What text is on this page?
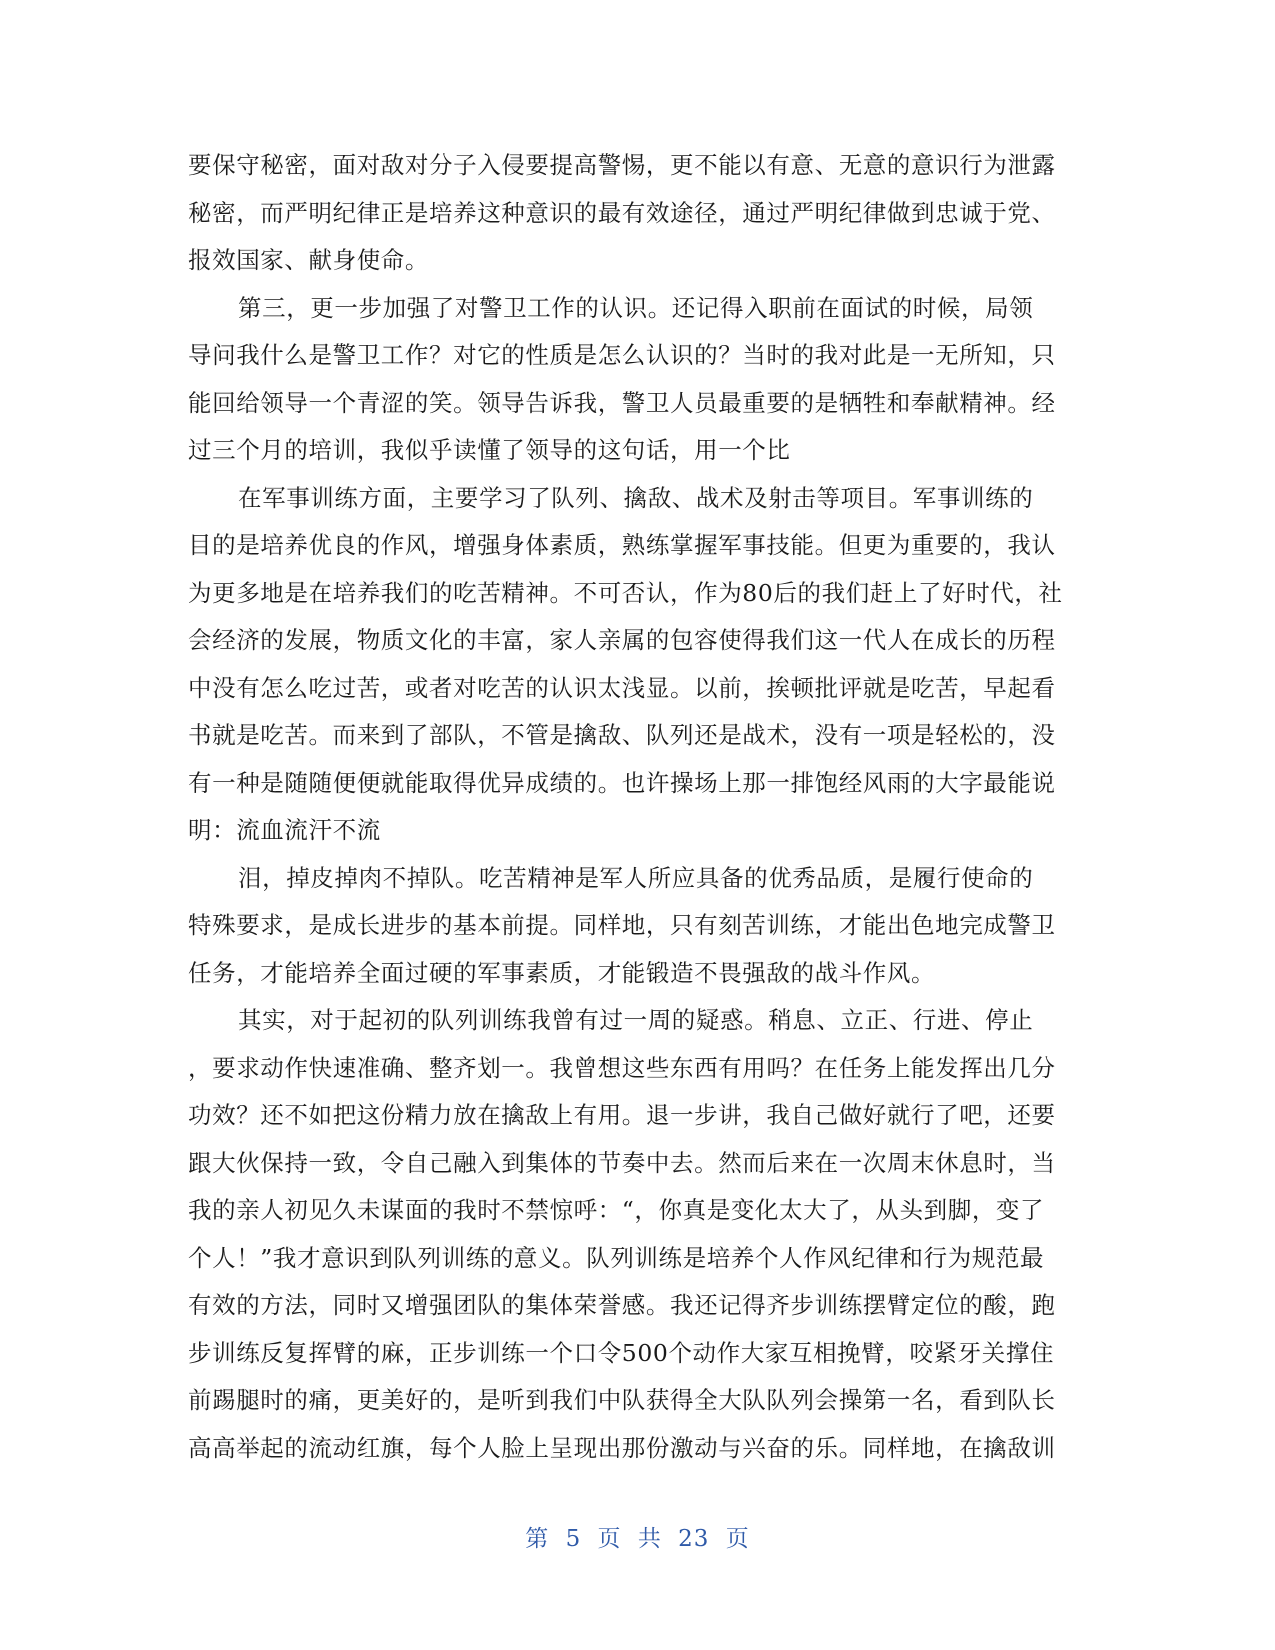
要保守秘密，面对敌对分子入侵要提高警惕，更不能以有意、无意的意识行为泄露
秘密，而严明纪律正是培养这种意识的最有效途径，通过严明纪律做到忠诚于党、
报效国家、献身使命。
第三，更一步加强了对警卫工作的认识。还记得入职前在面试的时候，局领
导问我什么是警卫工作？对它的性质是怎么认识的？当时的我对此是一无所知，只
能回给领导一个青涩的笑。领导告诉我，警卫人员最重要的是牺牲和奉献精神。经
过三个月的培训，我似乎读懂了领导的这句话，用一个比
在军事训练方面，主要学习了队列、擒敌、战术及射击等项目。军事训练的
目的是培养优良的作风，增强身体素质，熟练掌握军事技能。但更为重要的，我认
为更多地是在培养我们的吃苦精神。不可否认，作为80后的我们赶上了好时代，社
会经济的发展，物质文化的丰富，家人亲属的包容使得我们这一代人在成长的历程
中没有怎么吃过苦，或者对吃苦的认识太浅显。以前，挨顿批评就是吃苦，早起看
书就是吃苦。而来到了部队，不管是擒敌、队列还是战术，没有一项是轻松的，没
有一种是随随便便就能取得优异成绩的。也许操场上那一排饱经风雨的大字最能说
明：流血流汗不流
泪，掉皮掉肉不掉队。吃苦精神是军人所应具备的优秀品质，是履行使命的
特殊要求，是成长进步的基本前提。同样地，只有刻苦训练，才能出色地完成警卫
任务，才能培养全面过硬的军事素质，才能锻造不畏强敌的战斗作风。
其实，对于起初的队列训练我曾有过一周的疑惑。稍息、立正、行进、停止
，要求动作快速准确、整齐划一。我曾想这些东西有用吗？在任务上能发挥出几分
功效？还不如把这份精力放在擒敌上有用。退一步讲，我自己做好就行了吧，还要
跟大伙保持一致，令自己融入到集体的节奏中去。然而后来在一次周末休息时，当
我的亲人初见久未谋面的我时不禁惊呼：“，你真是变化太大了，从头到脚，变了
个人！”我才意识到队列训练的意义。队列训练是培养个人作风纪律和行为规范最
有效的方法，同时又增强团队的集体荣誉感。我还记得齐步训练摆臂定位的酸，跑
步训练反复挥臂的麻，正步训练一个口令500个动作大家互相挽臂，咬紧牙关撑住
前踢腿时的痛，更美好的，是听到我们中队获得全大队队列会操第一名，看到队长
高高举起的流动红旗，每个人脸上呈现出那份激动与兴奋的乐。同样地，在擒敌训
第 5 页 共 23 页
